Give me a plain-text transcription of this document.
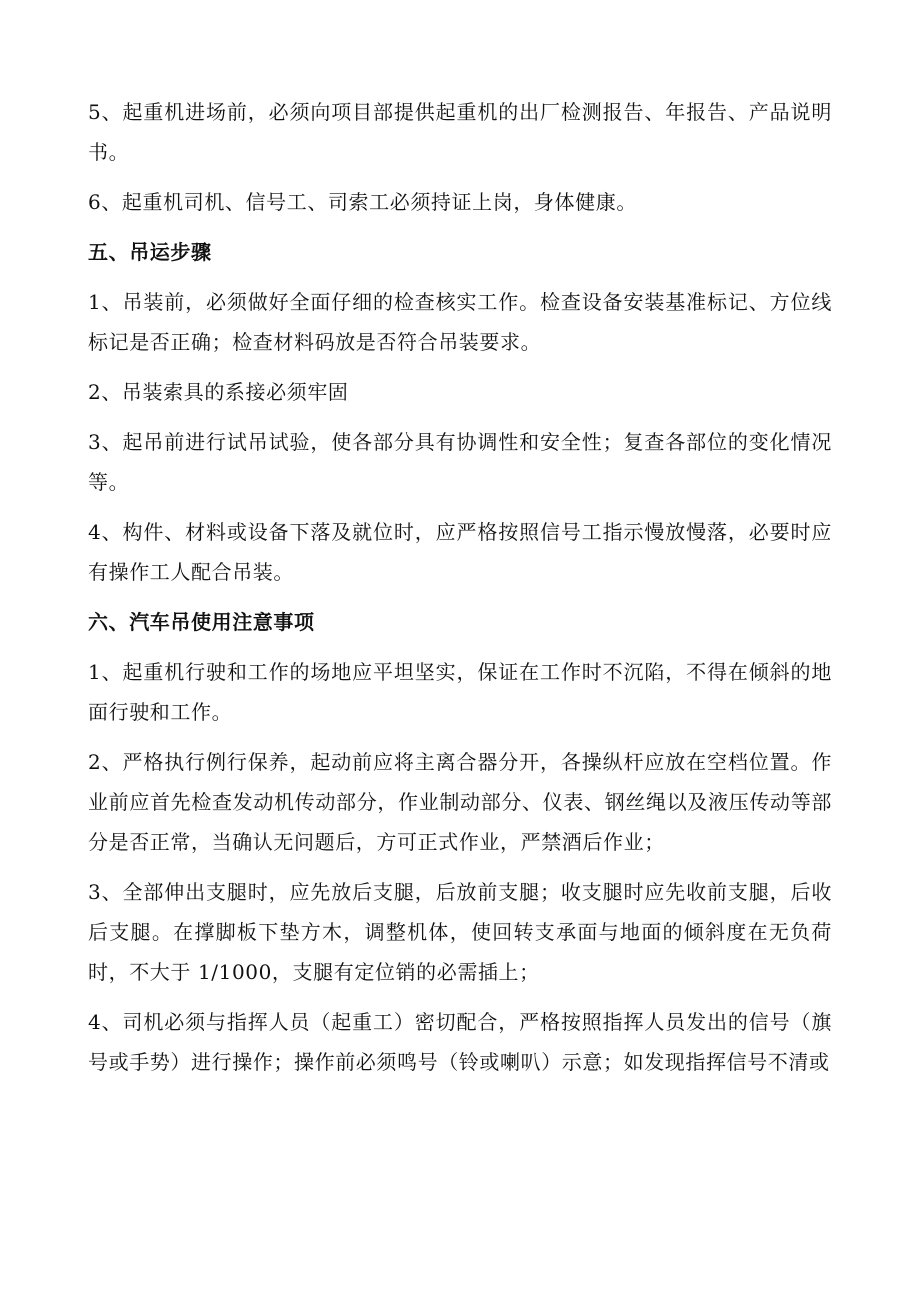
5、起重机进场前，必须向项目部提供起重机的出厂检测报告、年报告、产品说明书。

6、起重机司机、信号工、司索工必须持证上岗，身体健康。

五、吊运步骤

1、吊装前，必须做好全面仔细的检查核实工作。检查设备安装基准标记、方位线标记是否正确；检查材料码放是否符合吊装要求。

2、吊装索具的系接必须牢固

3、起吊前进行试吊试验，使各部分具有协调性和安全性；复查各部位的变化情况等。

4、构件、材料或设备下落及就位时，应严格按照信号工指示慢放慢落，必要时应有操作工人配合吊装。

六、汽车吊使用注意事项

1、起重机行驶和工作的场地应平坦坚实，保证在工作时不沉陷，不得在倾斜的地面行驶和工作。

2、严格执行例行保养，起动前应将主离合器分开，各操纵杆应放在空档位置。作业前应首先检查发动机传动部分，作业制动部分、仪表、钢丝绳以及液压传动等部分是否正常，当确认无问题后，方可正式作业，严禁酒后作业；

3、全部伸出支腿时，应先放后支腿，后放前支腿；收支腿时应先收前支腿，后收后支腿。在撑脚板下垫方木，调整机体，使回转支承面与地面的倾斜度在无负荷时，不大于 1/1000，支腿有定位销的必需插上；

4、司机必须与指挥人员（起重工）密切配合，严格按照指挥人员发出的信号（旗号或手势）进行操作；操作前必须鸣号（铃或喇叭）示意；如发现指挥信号不清或
